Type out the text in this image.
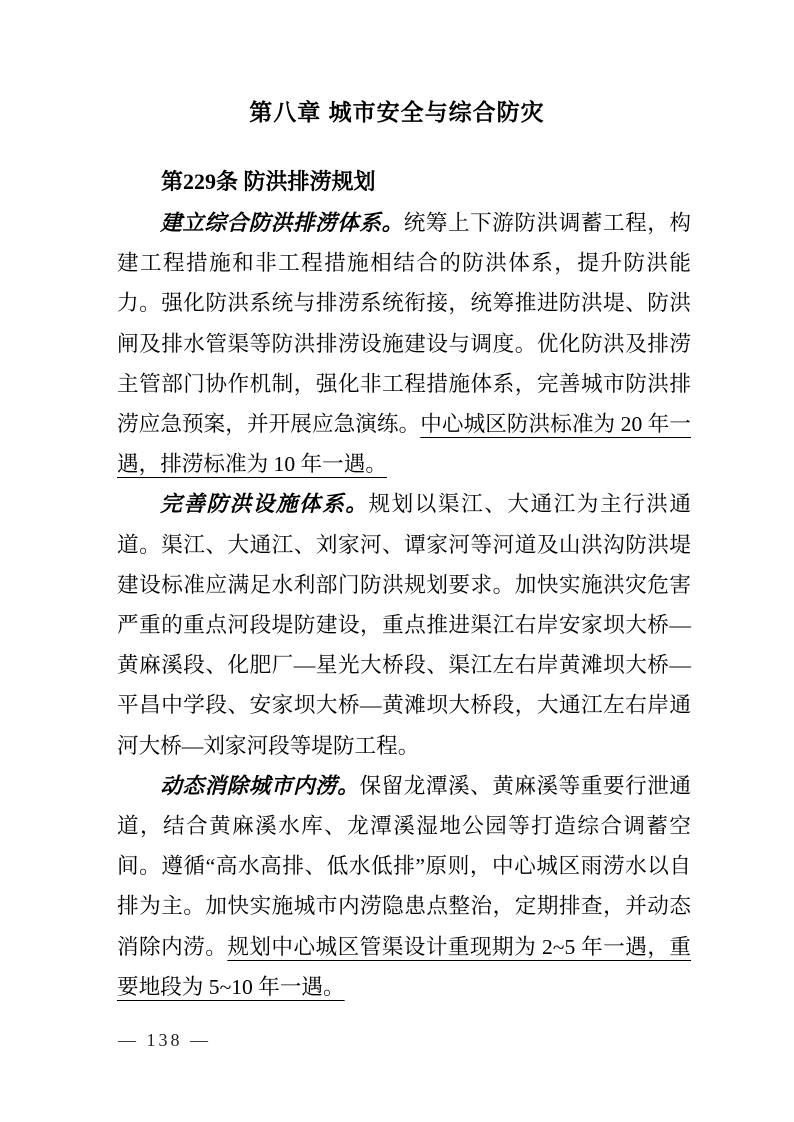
第八章 城市安全与综合防灾
第229条 防洪排涝规划

建立综合防洪排涝体系。统筹上下游防洪调蓄工程，构建工程措施和非工程措施相结合的防洪体系，提升防洪能力。强化防洪系统与排涝系统衔接，统筹推进防洪堤、防洪闸及排水管渠等防洪排涝设施建设与调度。优化防洪及排涝主管部门协作机制，强化非工程措施体系，完善城市防洪排涝应急预案，并开展应急演练。中心城区防洪标准为 20 年一遇，排涝标准为 10 年一遇。

完善防洪设施体系。规划以渠江、大通江为主行洪通道。渠江、大通江、刘家河、谭家河等河道及山洪沟防洪堤建设标准应满足水利部门防洪规划要求。加快实施洪灾危害严重的重点河段堤防建设，重点推进渠江右岸安家坝大桥—黄麻溪段、化肥厂—星光大桥段、渠江左右岸黄滩坝大桥—平昌中学段、安家坝大桥—黄滩坝大桥段，大通江左右岸通河大桥—刘家河段等堤防工程。

动态消除城市内涝。保留龙潭溪、黄麻溪等重要行泄通道，结合黄麻溪水库、龙潭溪湿地公园等打造综合调蓄空间。遵循“高水高排、低水低排”原则，中心城区雨涝水以自排为主。加快实施城市内涝隐患点整治，定期排查，并动态消除内涝。规划中心城区管渠设计重现期为 2~5 年一遇，重要地段为 5~10 年一遇。

— 138 —
